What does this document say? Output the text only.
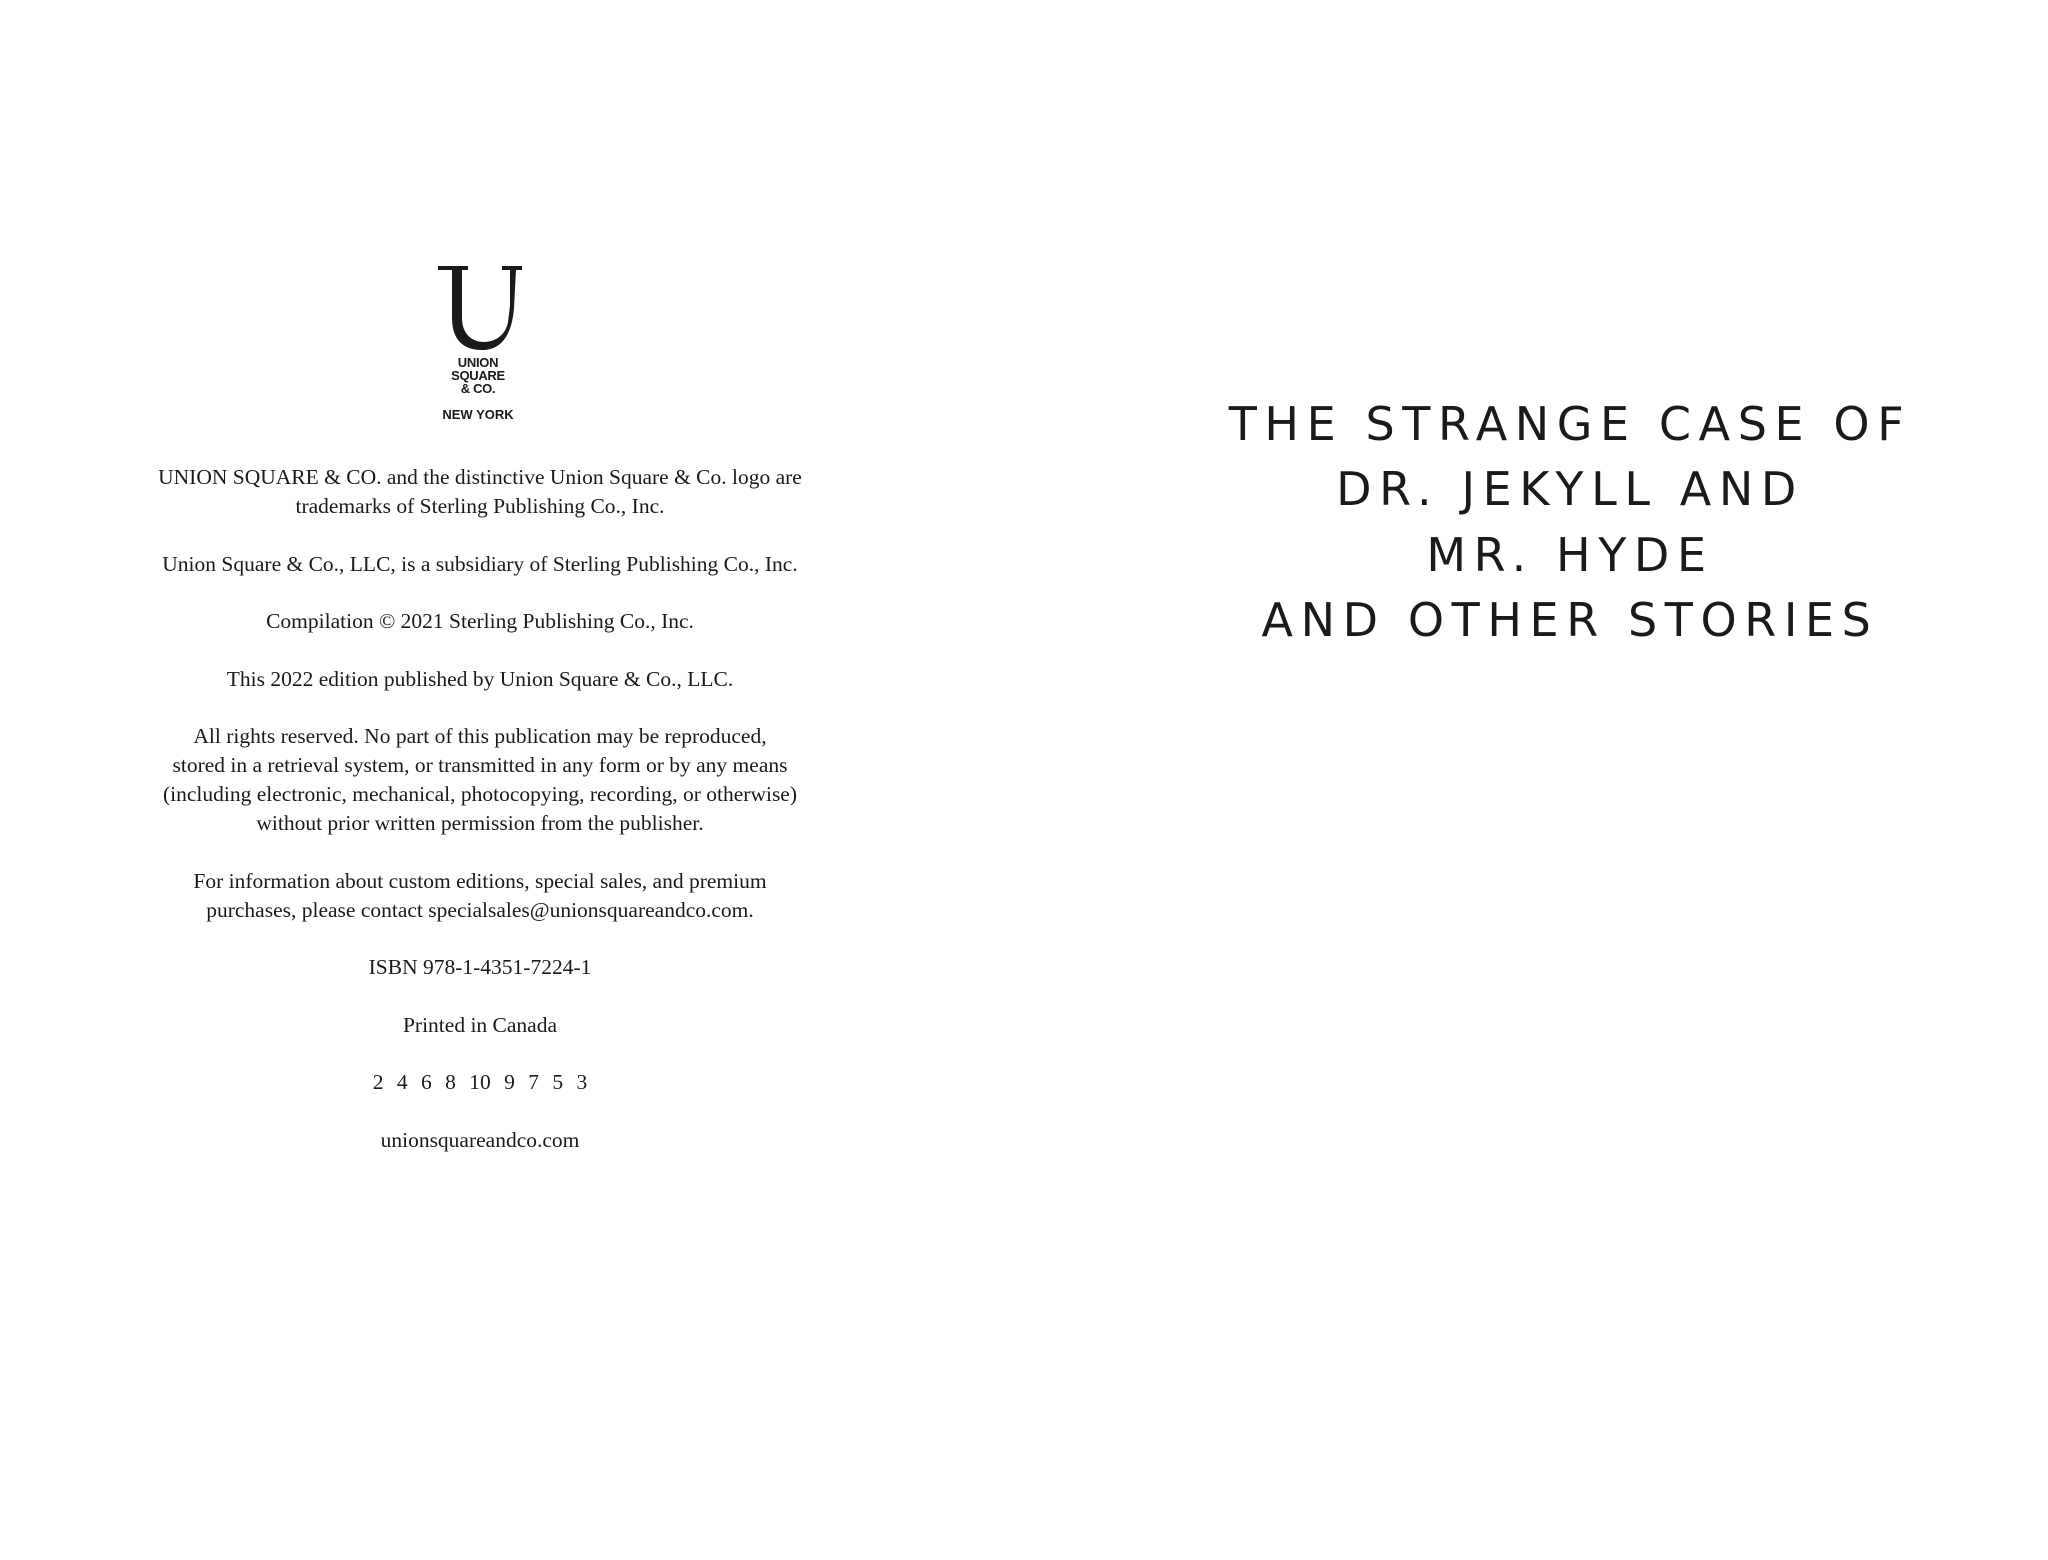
UNION
SQUARE
& CO.
NEW YORK

UNION SQUARE & CO. and the distinctive Union Square & Co. logo are
trademarks of Sterling Publishing Co., Inc.

Union Square & Co., LLC, is a subsidiary of Sterling Publishing Co., Inc.

Compilation © 2021 Sterling Publishing Co., Inc.

This 2022 edition published by Union Square & Co., LLC.

All rights reserved. No part of this publication may be reproduced,
stored in a retrieval system, or transmitted in any form or by any means
(including electronic, mechanical, photocopying, recording, or otherwise)
without prior written permission from the publisher.

For information about custom editions, special sales, and premium
purchases, please contact specialsales@unionsquareandco.com.

ISBN 978-1-4351-7224-1

Printed in Canada

2 4 6 8 10 9 7 5 3

unionsquareandco.com

THE STRANGE CASE OF
DR. JEKYLL AND
MR. HYDE
AND OTHER STORIES
